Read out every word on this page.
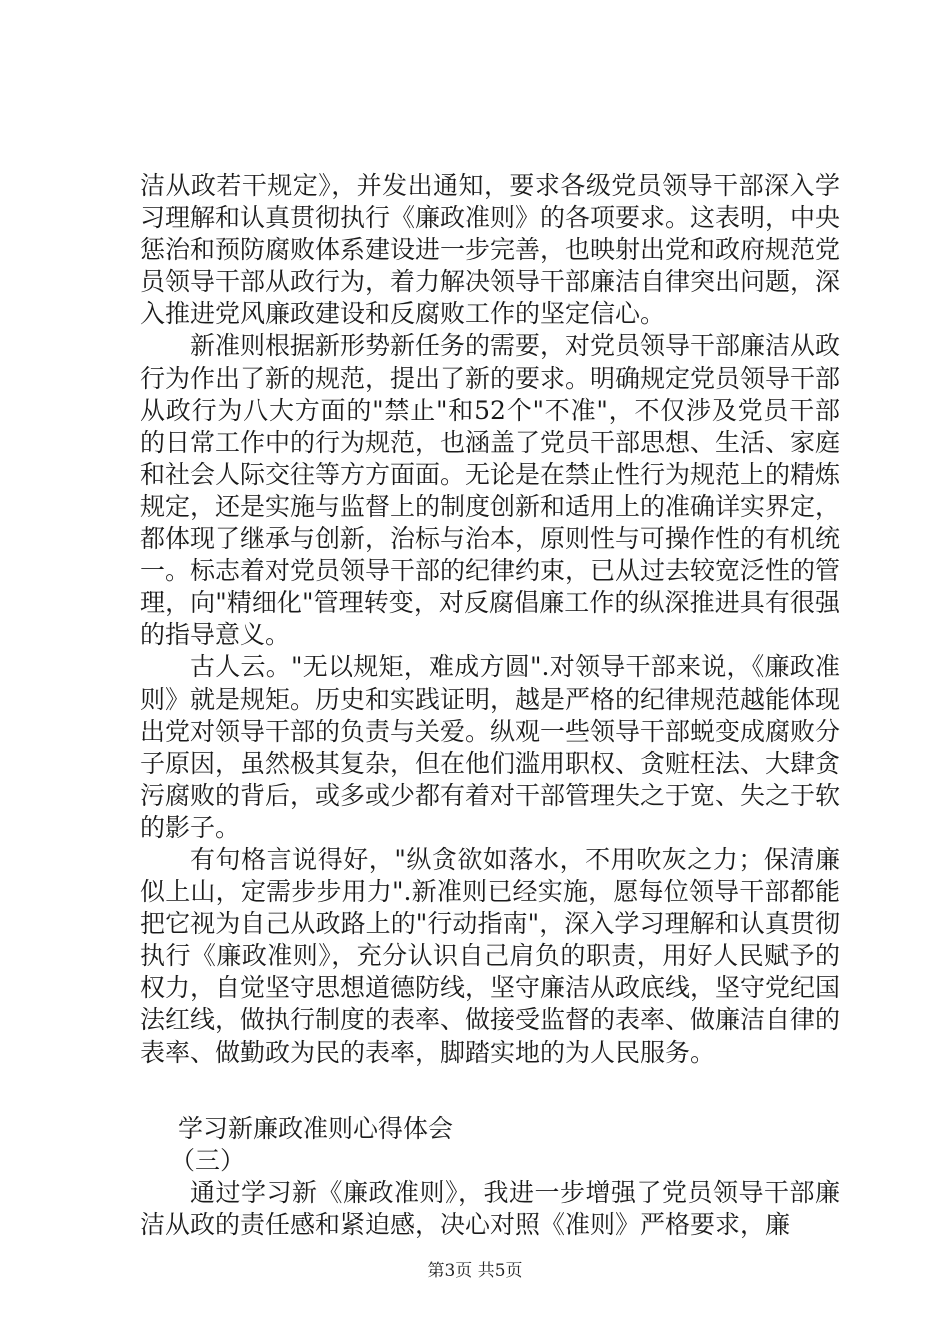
洁从政若干规定》，并发出通知，要求各级党员领导干部深入学习理解和认真贯彻执行《廉政准则》的各项要求。这表明，中央惩治和预防腐败体系建设进一步完善，也映射出党和政府规范党员领导干部从政行为，着力解决领导干部廉洁自律突出问题，深入推进党风廉政建设和反腐败工作的坚定信心。

新准则根据新形势新任务的需要，对党员领导干部廉洁从政行为作出了新的规范，提出了新的要求。明确规定党员领导干部从政行为八大方面的"禁止"和52个"不准"，不仅涉及党员干部的日常工作中的行为规范，也涵盖了党员干部思想、生活、家庭和社会人际交往等方方面面。无论是在禁止性行为规范上的精炼规定，还是实施与监督上的制度创新和适用上的准确详实界定，都体现了继承与创新，治标与治本，原则性与可操作性的有机统一。标志着对党员领导干部的纪律约束，已从过去较宽泛性的管理，向"精细化"管理转变，对反腐倡廉工作的纵深推进具有很强的指导意义。

古人云。"无以规矩，难成方圆".对领导干部来说，《廉政准则》就是规矩。历史和实践证明，越是严格的纪律规范越能体现出党对领导干部的负责与关爱。纵观一些领导干部蜕变成腐败分子原因，虽然极其复杂，但在他们滥用职权、贪赃枉法、大肆贪污腐败的背后，或多或少都有着对干部管理失之于宽、失之于软的影子。

有句格言说得好，"纵贪欲如落水，不用吹灰之力；保清廉似上山，定需步步用力".新准则已经实施，愿每位领导干部都能把它视为自己从政路上的"行动指南"，深入学习理解和认真贯彻执行《廉政准则》，充分认识自己肩负的职责，用好人民赋予的权力，自觉坚守思想道德防线，坚守廉洁从政底线，坚守党纪国法红线，做执行制度的表率、做接受监督的表率、做廉洁自律的表率、做勤政为民的表率，脚踏实地的为人民服务。

学习新廉政准则心得体会

（三）

通过学习新《廉政准则》，我进一步增强了党员领导干部廉洁从政的责任感和紧迫感，决心对照《准则》严格要求，廉

第3页 共5页
